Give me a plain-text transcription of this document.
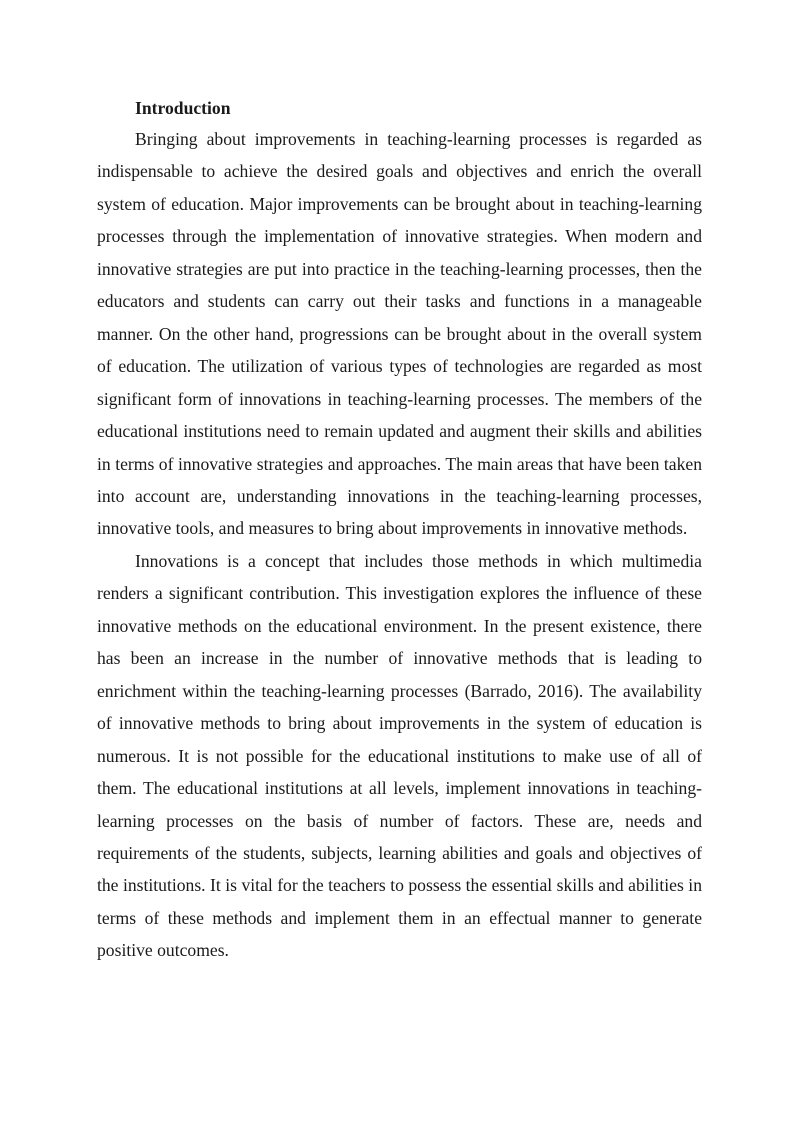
Introduction

Bringing about improvements in teaching-learning processes is regarded as indispensable to achieve the desired goals and objectives and enrich the overall system of education. Major improvements can be brought about in teaching-learning processes through the implementation of innovative strategies. When modern and innovative strategies are put into practice in the teaching-learning processes, then the educators and students can carry out their tasks and functions in a manageable manner. On the other hand, progressions can be brought about in the overall system of education. The utilization of various types of technologies are regarded as most significant form of innovations in teaching-learning processes. The members of the educational institutions need to remain updated and augment their skills and abilities in terms of innovative strategies and approaches. The main areas that have been taken into account are, understanding innovations in the teaching-learning processes, innovative tools, and measures to bring about improvements in innovative methods.

Innovations is a concept that includes those methods in which multimedia renders a significant contribution. This investigation explores the influence of these innovative methods on the educational environment. In the present existence, there has been an increase in the number of innovative methods that is leading to enrichment within the teaching-learning processes (Barrado, 2016). The availability of innovative methods to bring about improvements in the system of education is numerous. It is not possible for the educational institutions to make use of all of them. The educational institutions at all levels, implement innovations in teaching-learning processes on the basis of number of factors. These are, needs and requirements of the students, subjects, learning abilities and goals and objectives of the institutions. It is vital for the teachers to possess the essential skills and abilities in terms of these methods and implement them in an effectual manner to generate positive outcomes.
